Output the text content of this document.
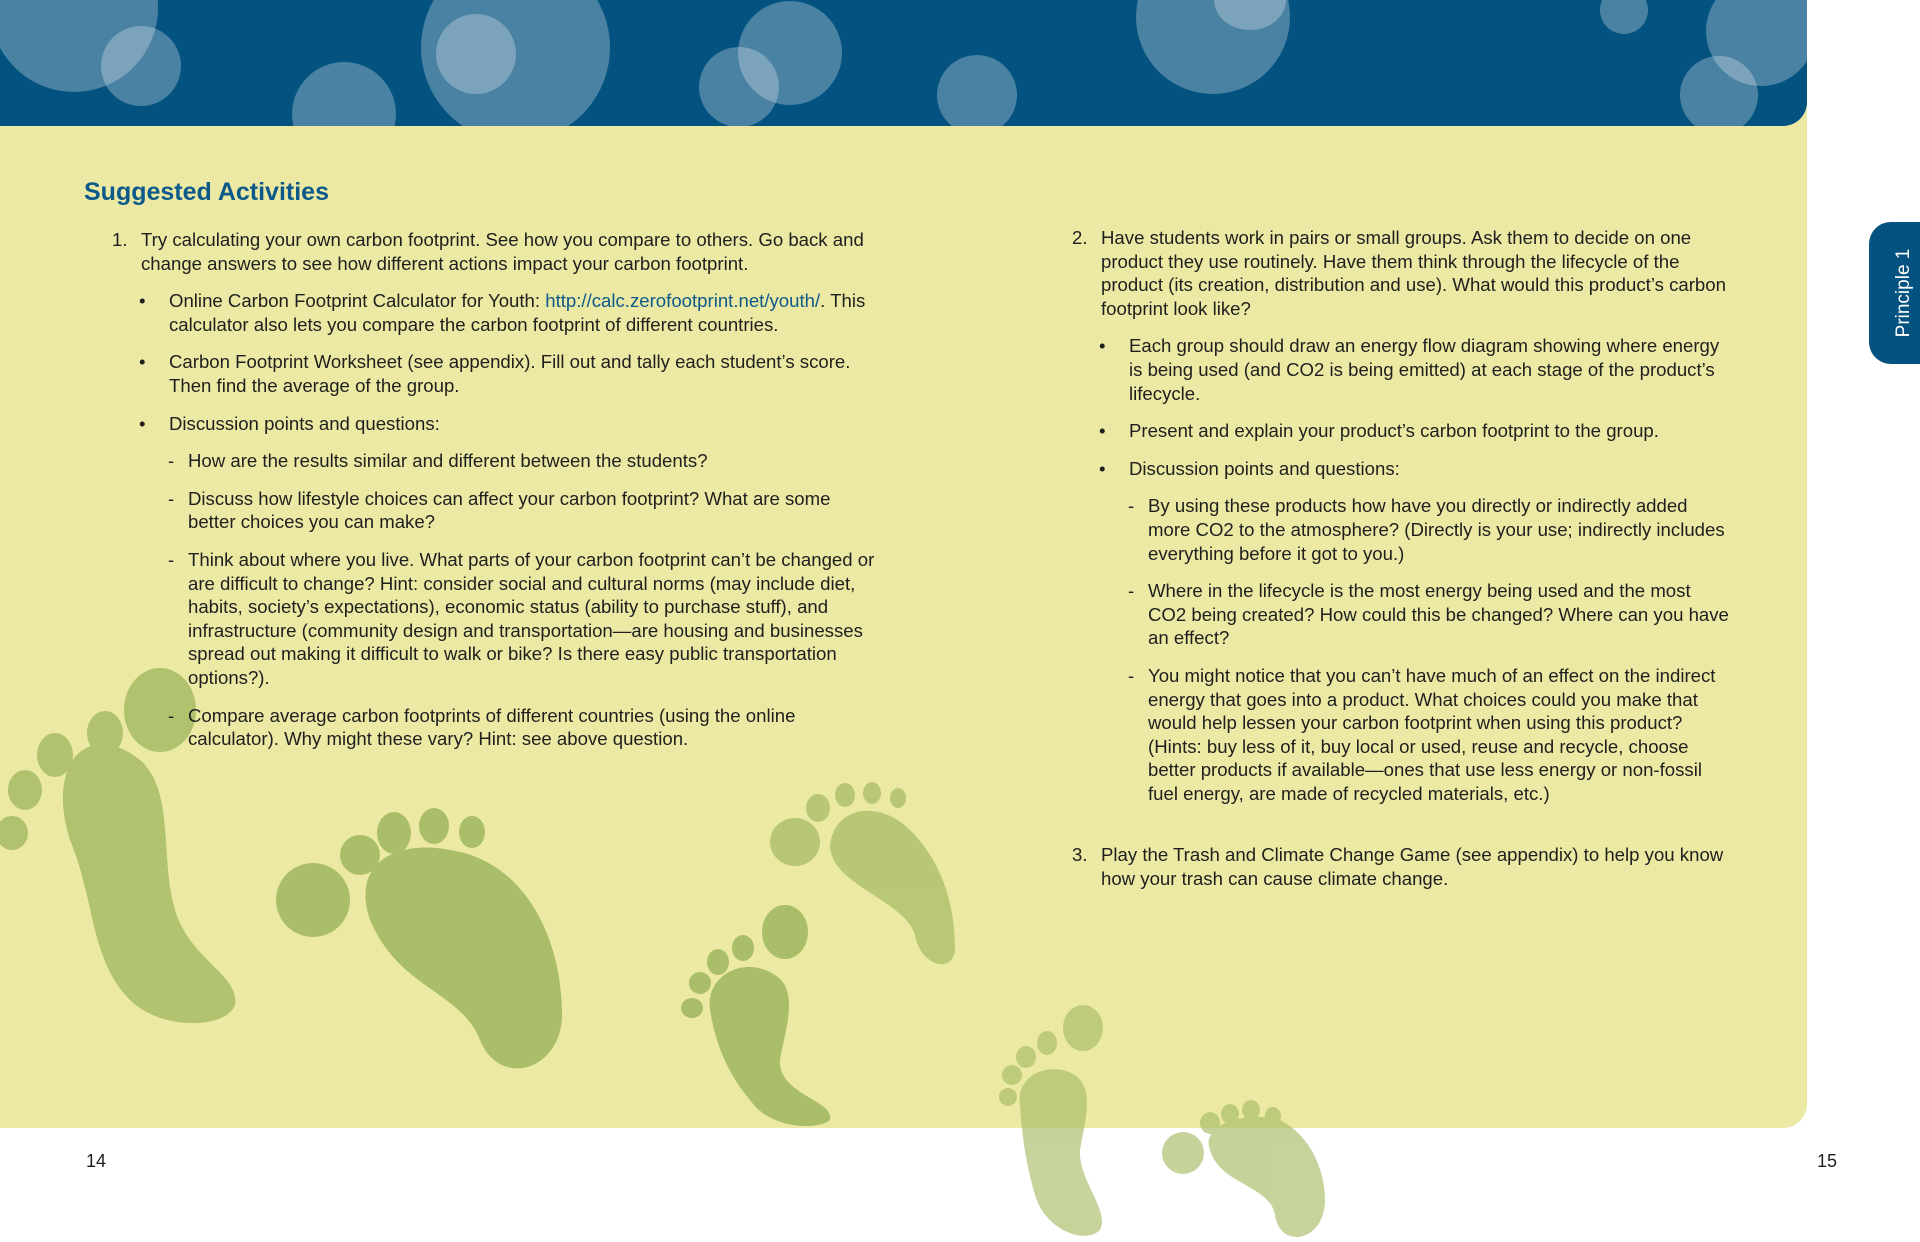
Principle 1
Suggested Activities
1. Try calculating your own carbon footprint. See how you compare to others. Go back and change answers to see how different actions impact your carbon footprint.
• Online Carbon Footprint Calculator for Youth: http://calc.zerofootprint.net/youth/. This calculator also lets you compare the carbon footprint of different countries.
• Carbon Footprint Worksheet (see appendix). Fill out and tally each student’s score. Then find the average of the group.
• Discussion points and questions:
- How are the results similar and different between the students?
- Discuss how lifestyle choices can affect your carbon footprint? What are some better choices you can make?
- Think about where you live. What parts of your carbon footprint can’t be changed or are difficult to change? Hint: consider social and cultural norms (may include diet, habits, society’s expectations), economic status (ability to purchase stuff), and infrastructure (community design and transportation—are housing and businesses spread out making it difficult to walk or bike? Is there easy public transportation options?).
- Compare average carbon footprints of different countries (using the online calculator). Why might these vary? Hint: see above question.
2. Have students work in pairs or small groups. Ask them to decide on one product they use routinely. Have them think through the lifecycle of the product (its creation, distribution and use). What would this product’s carbon footprint look like?
• Each group should draw an energy flow diagram showing where energy is being used (and CO2 is being emitted) at each stage of the product’s lifecycle.
• Present and explain your product’s carbon footprint to the group.
• Discussion points and questions:
- By using these products how have you directly or indirectly added more CO2 to the atmosphere? (Directly is your use; indirectly includes everything before it got to you.)
- Where in the lifecycle is the most energy being used and the most CO2 being created? How could this be changed? Where can you have an effect?
- You might notice that you can’t have much of an effect on the indirect energy that goes into a product. What choices could you make that would help lessen your carbon footprint when using this product? (Hints: buy less of it, buy local or used, reuse and recycle, choose better products if available—ones that use less energy or non-fossil fuel energy, are made of recycled materials, etc.)
3. Play the Trash and Climate Change Game (see appendix) to help you know how your trash can cause climate change.
14	15
